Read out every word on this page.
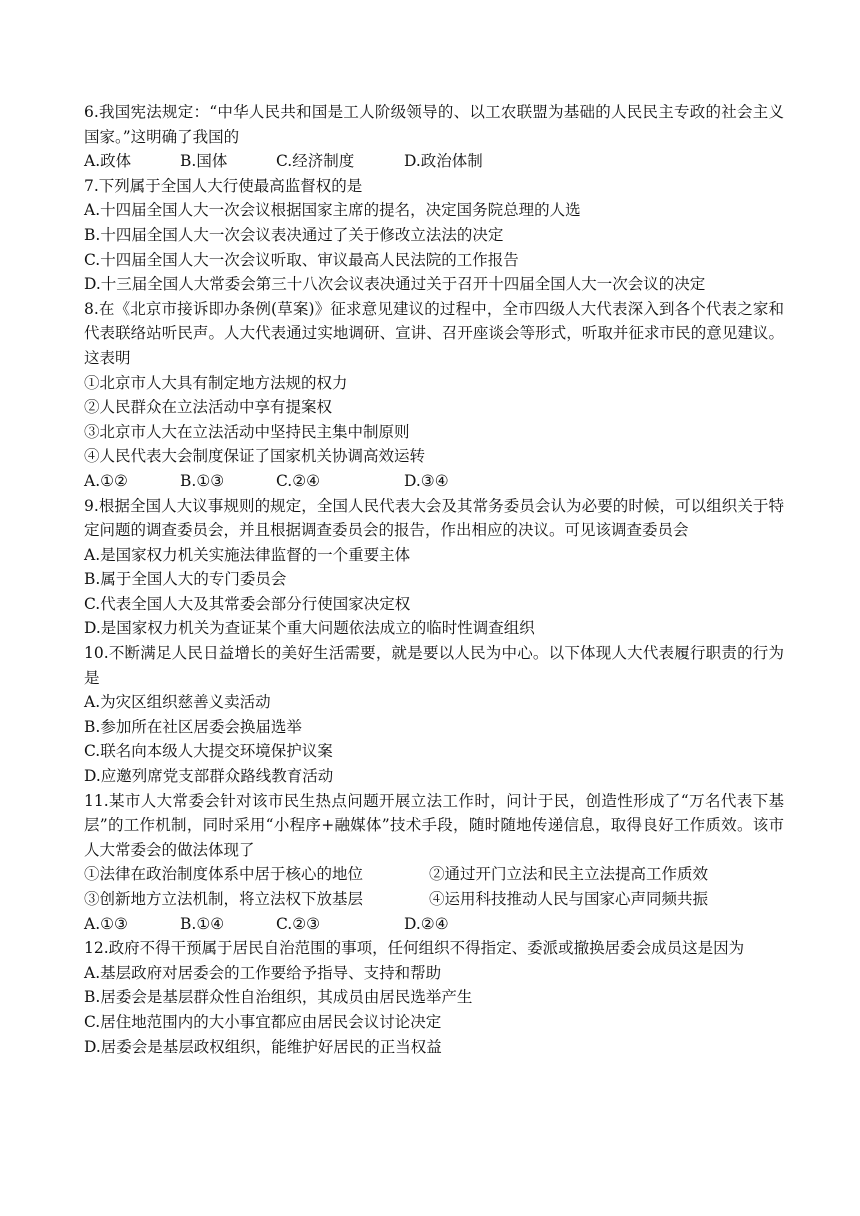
6.我国宪法规定：“中华人民共和国是工人阶级领导的、以工农联盟为基础的人民民主专政的社会主义国家。”这明确了我国的
A.政体	B.国体	C.经济制度	D.政治体制
7.下列属于全国人大行使最高监督权的是
A.十四届全国人大一次会议根据国家主席的提名，决定国务院总理的人选
B.十四届全国人大一次会议表决通过了关于修改立法法的决定
C.十四届全国人大一次会议听取、审议最高人民法院的工作报告
D.十三届全国人大常委会第三十八次会议表决通过关于召开十四届全国人大一次会议的决定
8.在《北京市接诉即办条例(草案)》征求意见建议的过程中，全市四级人大代表深入到各个代表之家和代表联络站听民声。人大代表通过实地调研、宣讲、召开座谈会等形式，听取并征求市民的意见建议。这表明
①北京市人大具有制定地方法规的权力
②人民群众在立法活动中享有提案权
③北京市人大在立法活动中坚持民主集中制原则
④人民代表大会制度保证了国家机关协调高效运转
A.①②	B.①③	C.②④	D.③④
9.根据全国人大议事规则的规定，全国人民代表大会及其常务委员会认为必要的时候，可以组织关于特定问题的调查委员会，并且根据调查委员会的报告，作出相应的决议。可见该调查委员会
A.是国家权力机关实施法律监督的一个重要主体
B.属于全国人大的专门委员会
C.代表全国人大及其常委会部分行使国家决定权
D.是国家权力机关为查证某个重大问题依法成立的临时性调查组织
10.不断满足人民日益增长的美好生活需要，就是要以人民为中心。以下体现人大代表履行职责的行为是
A.为灾区组织慈善义卖活动
B.参加所在社区居委会换届选举
C.联名向本级人大提交环境保护议案
D.应邀列席党支部群众路线教育活动
11.某市人大常委会针对该市民生热点问题开展立法工作时，问计于民，创造性形成了“万名代表下基层”的工作机制，同时采用“小程序+融媒体”技术手段，随时随地传递信息，取得良好工作质效。该市人大常委会的做法体现了
①法律在政治制度体系中居于核心的地位	②通过开门立法和民主立法提高工作质效
③创新地方立法机制，将立法权下放基层	④运用科技推动人民与国家心声同频共振
A.①③	B.①④	C.②③	D.②④
12.政府不得干预属于居民自治范围的事项，任何组织不得指定、委派或撤换居委会成员这是因为
A.基层政府对居委会的工作要给予指导、支持和帮助
B.居委会是基层群众性自治组织，其成员由居民选举产生
C.居住地范围内的大小事宜都应由居民会议讨论决定
D.居委会是基层政权组织，能维护好居民的正当权益
